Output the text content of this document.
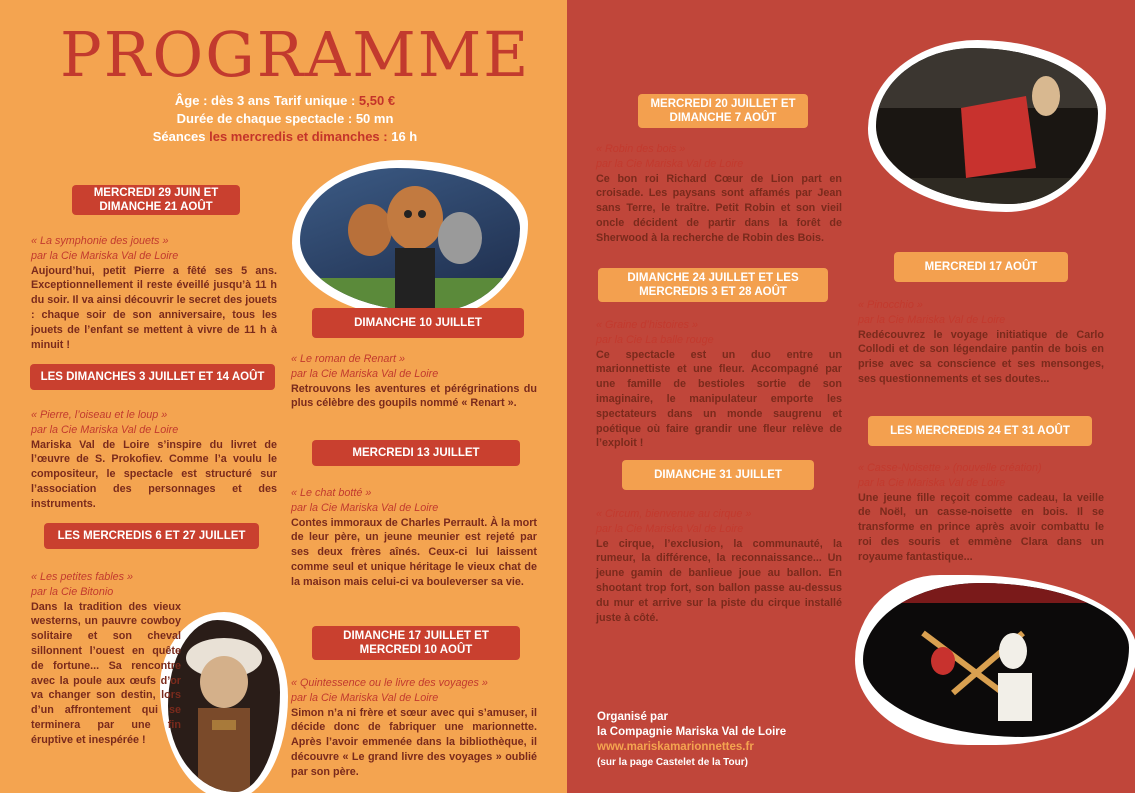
PROGRAMME
Âge : dès 3 ans Tarif unique : 5,50 €
Durée de chaque spectacle : 50 mn
Séances les mercredis et dimanches : 16 h
MERCREDI 29 JUIN ET DIMANCHE 21 AOÛT
« La symphonie des jouets »
par la Cie Mariska Val de Loire
Aujourd’hui, petit Pierre a fêté ses 5 ans. Exceptionnellement il reste éveillé jusqu’à 11 h du soir. Il va ainsi découvrir le secret des jouets : chaque soir de son anniversaire, tous les jouets de l’enfant se mettent à vivre de 11 h à minuit !
LES DIMANCHES 3 JUILLET ET 14 AOÛT
« Pierre, l’oiseau et le loup »
par la Cie Mariska Val de Loire
Mariska Val de Loire s’inspire du livret de l’œuvre de S. Prokofiev. Comme l’a voulu le compositeur, le spectacle est structuré sur l’association des personnages et des instruments.
LES MERCREDIS 6 ET 27 JUILLET
« Les petites fables »
par la Cie Bitonio
Dans la tradition des vieux westerns, un pauvre cowboy solitaire et son cheval sillonnent l’ouest en quête de fortune... Sa rencontre avec la poule aux œufs d’or va changer son destin, lors d’un affrontement qui se terminera par une fin éruptive et inespérée !
DIMANCHE 10 JUILLET
« Le roman de Renart »
par la Cie Mariska Val de Loire
Retrouvons les aventures et pérégrinations du plus célèbre des goupils nommé « Renart ».
MERCREDI 13 JUILLET
« Le chat botté »
par la Cie Mariska Val de Loire
Contes immoraux de Charles Perrault. À la mort de leur père, un jeune meunier est rejeté par ses deux frères aînés. Ceux-ci lui laissent comme seul et unique héritage le vieux chat de la maison mais celui-ci va bouleverser sa vie.
DIMANCHE 17 JUILLET ET MERCREDI 10 AOÛT
« Quintessence ou le livre des voyages »
par la Cie Mariska Val de Loire
Simon n’a ni frère et sœur avec qui s’amuser, il décide donc de fabriquer une marionnette. Après l’avoir emmenée dans la bibliothèque, il découvre « Le grand livre des voyages » oublié par son père.
MERCREDI 20 JUILLET ET DIMANCHE 7 AOÛT
« Robin des bois »
par la Cie Mariska Val de Loire
Ce bon roi Richard Cœur de Lion part en croisade. Les paysans sont affamés par Jean sans Terre, le traître. Petit Robin et son vieil oncle décident de partir dans la forêt de Sherwood à la recherche de Robin des Bois.
DIMANCHE 24 JUILLET ET LES MERCREDIS 3 ET 28 AOÛT
« Graine d’histoires »
par la Cie La balle rouge
Ce spectacle est un duo entre un marionnettiste et une fleur. Accompagné par une famille de bestioles sortie de son imaginaire, le manipulateur emporte les spectateurs dans un monde saugrenu et poétique où faire grandir une fleur relève de l’exploit !
DIMANCHE 31 JUILLET
« Circum, bienvenue au cirque »
par la Cie Mariska Val de Loire
Le cirque, l’exclusion, la communauté, la rumeur, la différence, la reconnaissance... Un jeune gamin de banlieue joue au ballon. En shootant trop fort, son ballon passe au-dessus du mur et arrive sur la piste du cirque installé juste à côté.
MERCREDI 17 AOÛT
« Pinocchio »
par la Cie Mariska Val de Loire
Redécouvrez le voyage initiatique de Carlo Collodi et de son légendaire pantin de bois en prise avec sa conscience et ses mensonges, ses questionnements et ses doutes...
LES MERCREDIS 24 ET 31 AOÛT
« Casse-Noisette » (nouvelle création)
par la Cie Mariska Val de Loire
Une jeune fille reçoit comme cadeau, la veille de Noël, un casse-noisette en bois. Il se transforme en prince après avoir combattu le roi des souris et emmène Clara dans un royaume fantastique...
Organisé par
la Compagnie Mariska Val de Loire
www.mariskamarionnettes.fr
(sur la page Castelet de la Tour)
